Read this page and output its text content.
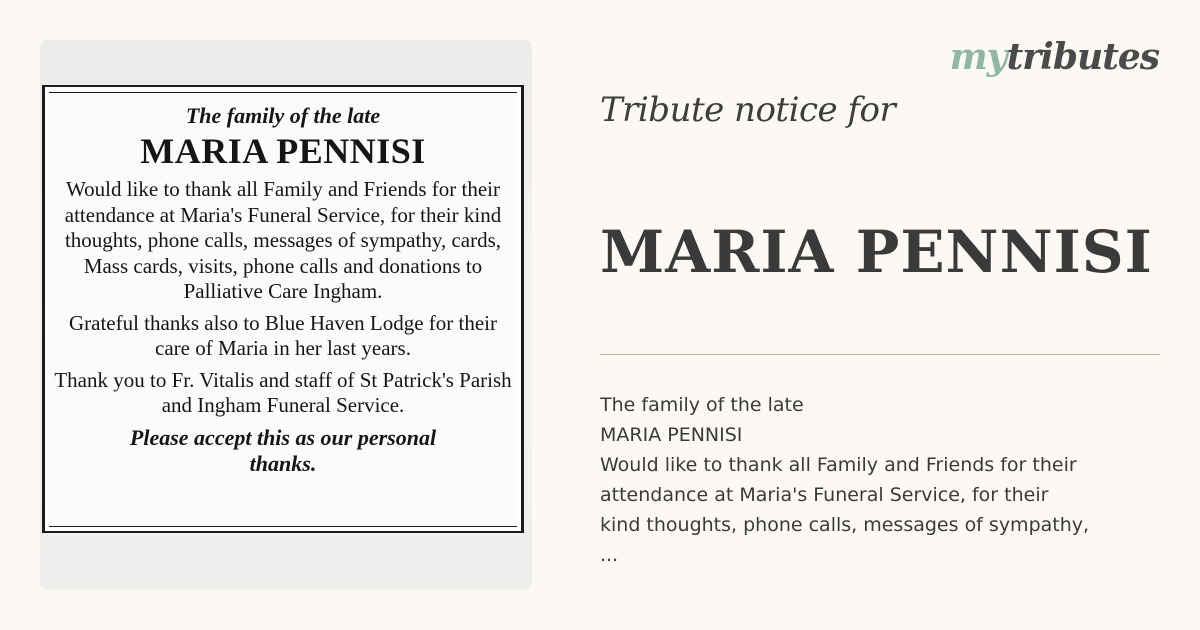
The family of the late
MARIA PENNISI
Would like to thank all Family and Friends for their attendance at Maria's Funeral Service, for their kind thoughts, phone calls, messages of sympathy, cards, Mass cards, visits, phone calls and donations to Palliative Care Ingham.
Grateful thanks also to Blue Haven Lodge for their care of Maria in her last years.
Thank you to Fr. Vitalis and staff of St Patrick's Parish and Ingham Funeral Service.
Please accept this as our personal thanks.
mytributes
Tribute notice for
MARIA PENNISI
The family of the late
MARIA PENNISI
Would like to thank all Family and Friends for their
attendance at Maria's Funeral Service, for their
kind thoughts, phone calls, messages of sympathy,
...
